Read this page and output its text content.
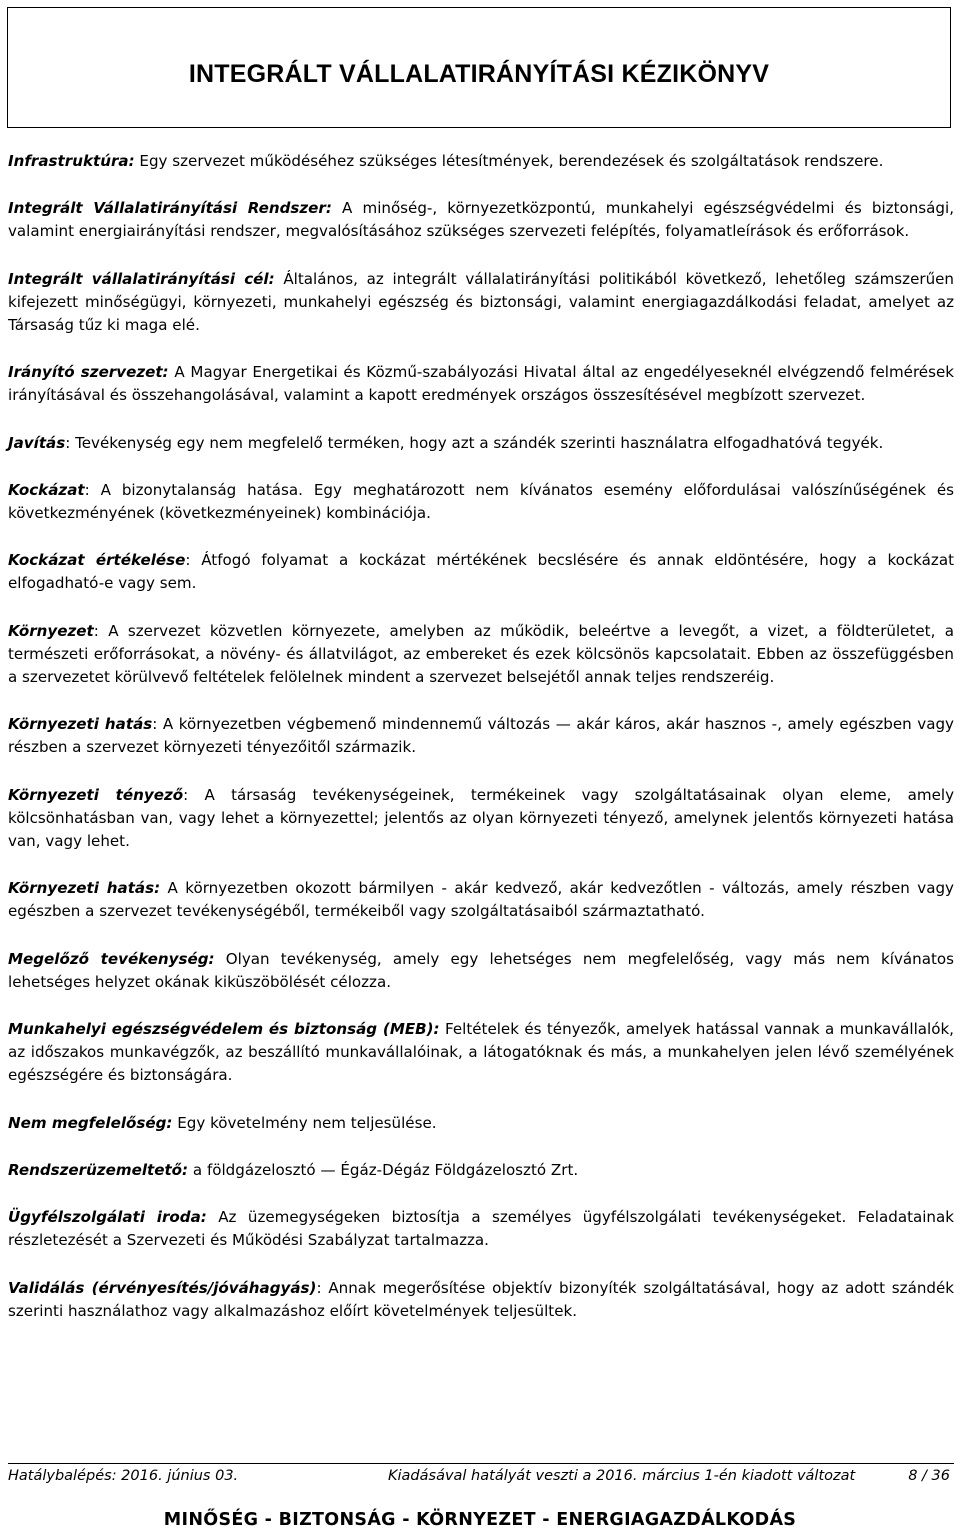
INTEGRÁLT VÁLLALATIRÁNYÍTÁSI KÉZIKÖNYV

Infrastruktúra: Egy szervezet működéséhez szükséges létesítmények, berendezések és szolgáltatások rendszere.

Integrált Vállalatirányítási Rendszer: A minőség-, környezetközpontú, munkahelyi egészségvédelmi és biztonsági, valamint energiairányítási rendszer, megvalósításához szükséges szervezeti felépítés, folyamatleírások és erőforrások.

Integrált vállalatirányítási cél: Általános, az integrált vállalatirányítási politikából következő, lehetőleg számszerűen kifejezett minőségügyi, környezeti, munkahelyi egészség és biztonsági, valamint energiagazdálkodási feladat, amelyet az Társaság tűz ki maga elé.

Irányító szervezet: A Magyar Energetikai és Közmű-szabályozási Hivatal által az engedélyeseknél elvégzendő felmérések irányításával és összehangolásával, valamint a kapott eredmények országos összesítésével megbízott szervezet.

Javítás: Tevékenység egy nem megfelelő terméken, hogy azt a szándék szerinti használatra elfogadhatóvá tegyék.

Kockázat: A bizonytalanság hatása. Egy meghatározott nem kívánatos esemény előfordulásai valószínűségének és következményének (következményeinek) kombinációja.

Kockázat értékelése: Átfogó folyamat a kockázat mértékének becslésére és annak eldöntésére, hogy a kockázat elfogadható-e vagy sem.

Környezet: A szervezet közvetlen környezete, amelyben az működik, beleértve a levegőt, a vizet, a földterületet, a természeti erőforrásokat, a növény- és állatvilágot, az embereket és ezek kölcsönös kapcsolatait. Ebben az összefüggésben a szervezetet körülvevő feltételek felölelnek mindent a szervezet belsejétől annak teljes rendszeréig.

Környezeti hatás: A környezetben végbemenő mindennemű változás — akár káros, akár hasznos -, amely egészben vagy részben a szervezet környezeti tényezőitől származik.

Környezeti tényező: A társaság tevékenységeinek, termékeinek vagy szolgáltatásainak olyan eleme, amely kölcsönhatásban van, vagy lehet a környezettel; jelentős az olyan környezeti tényező, amelynek jelentős környezeti hatása van, vagy lehet.

Környezeti hatás: A környezetben okozott bármilyen - akár kedvező, akár kedvezőtlen - változás, amely részben vagy egészben a szervezet tevékenységéből, termékeiből vagy szolgáltatásaiból származtatható.

Megelőző tevékenység: Olyan tevékenység, amely egy lehetséges nem megfelelőség, vagy más nem kívánatos lehetséges helyzet okának kiküszöbölését célozza.

Munkahelyi egészségvédelem és biztonság (MEB): Feltételek és tényezők, amelyek hatással vannak a munkavállalók, az időszakos munkavégzők, az beszállító munkavállalóinak, a látogatóknak és más, a munkahelyen jelen lévő személyének egészségére és biztonságára.

Nem megfelelőség: Egy követelmény nem teljesülése.

Rendszerüzemeltető: a földgázelosztó — Égáz-Dégáz Földgázelosztó Zrt.

Ügyfélszolgálati iroda: Az üzemegységeken biztosítja a személyes ügyfélszolgálati tevékenységeket. Feladatainak részletezését a Szervezeti és Működési Szabályzat tartalmazza.

Validálás (érvényesítés/jóváhagyás): Annak megerősítése objektív bizonyíték szolgáltatásával, hogy az adott szándék szerinti használathoz vagy alkalmazáshoz előírt követelmények teljesültek.

Hatálybalépés: 2016. június 03.	Kiadásával hatályát veszti a 2016. március 1-én kiadott változat	8 / 36
MINŐSÉG - BIZTONSÁG - KÖRNYEZET - ENERGIAGAZDÁLKODÁS
